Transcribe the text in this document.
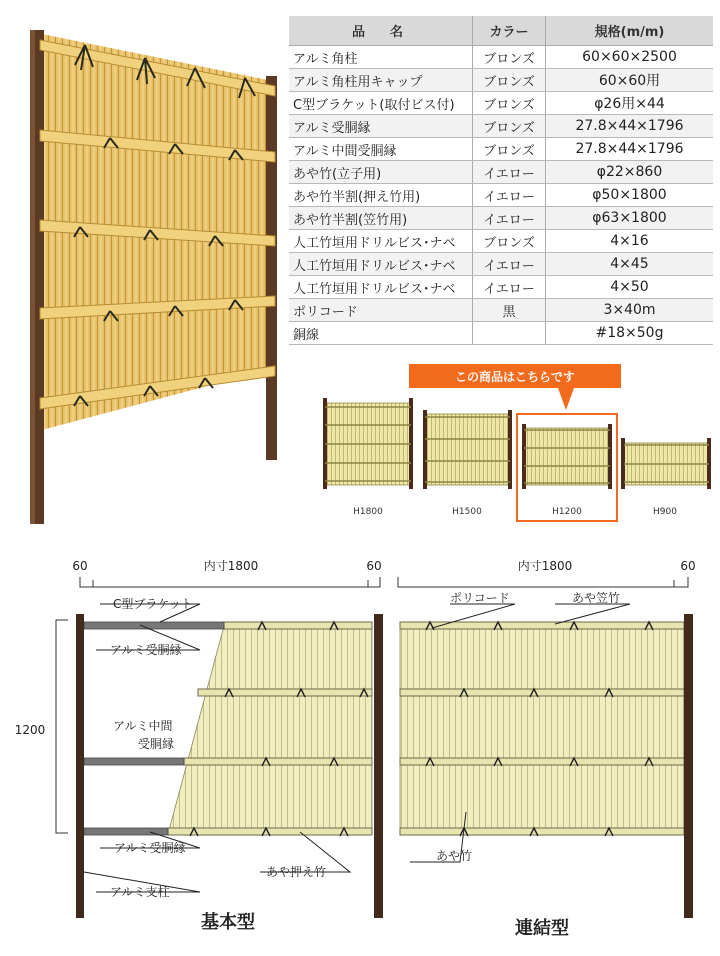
品　名	カラー	規格(m/m)
アルミ角柱	ブロンズ	60×60×2500
アルミ角柱用キャップ	ブロンズ	60×60用
C型ブラケット(取付ビス付)	ブロンズ	φ26用×44
アルミ受胴縁	ブロンズ	27.8×44×1796
アルミ中間受胴縁	ブロンズ	27.8×44×1796
あや竹(立子用)	イエロー	φ22×860
あや竹半割(押え竹用)	イエロー	φ50×1800
あや竹半割(笠竹用)	イエロー	φ63×1800
人工竹垣用ドリルビス･ナベ	ブロンズ	4×16
人工竹垣用ドリルビス･ナベ	イエロー	4×45
人工竹垣用ドリルビス･ナベ	イエロー	4×50
ポリコード	黒	3×40m
銅線		#18×50g
この商品はこちらです
H1800	H1500	H1200	H900
60	内寸1800	60	内寸1800	60
1200
C型ブラケット
アルミ受胴縁
アルミ中間
受胴縁
アルミ受胴縁
アルミ支柱
あや押え竹
基本型
ポリコード	あや笠竹
あや竹
連結型
